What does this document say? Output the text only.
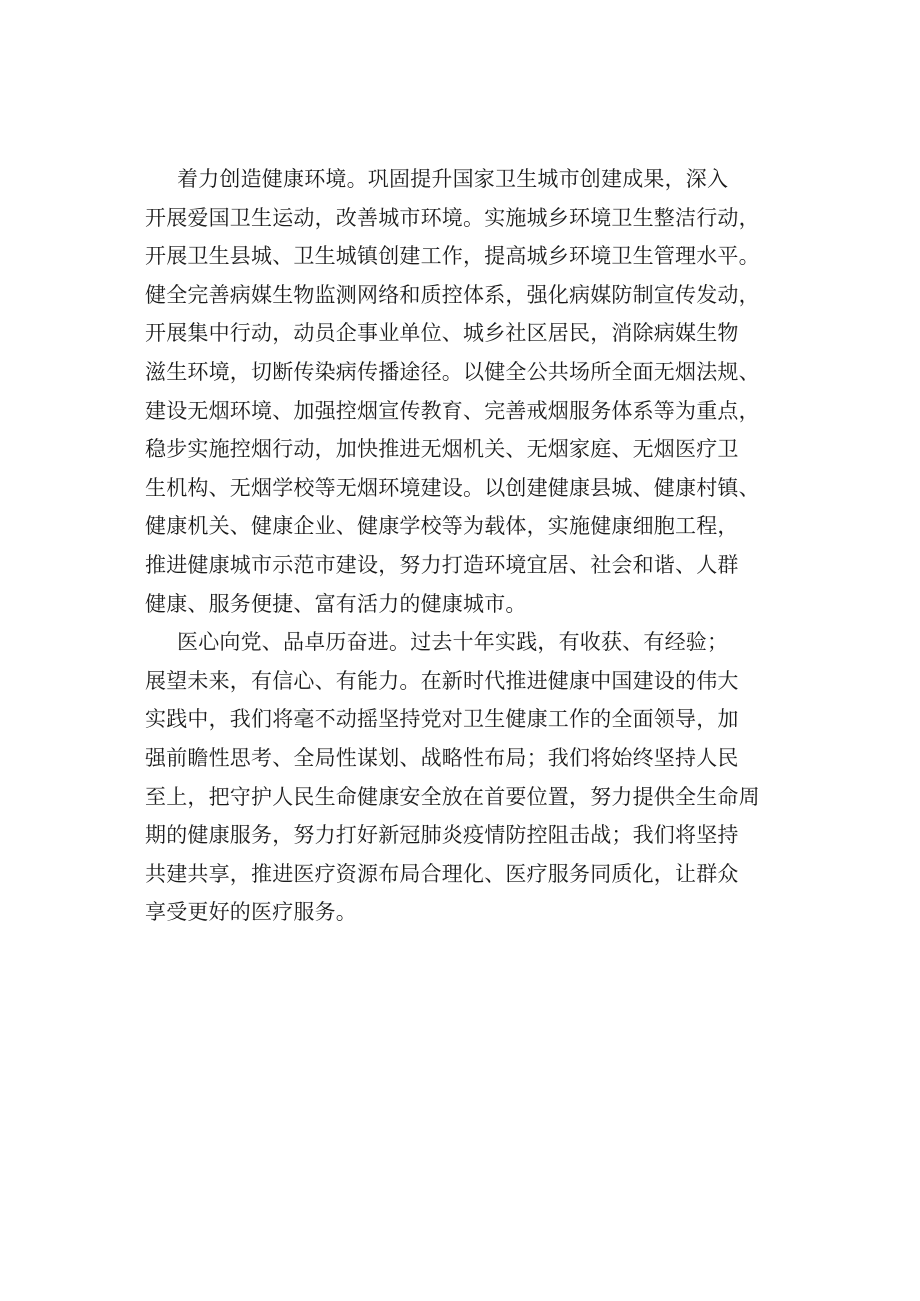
着力创造健康环境。巩固提升国家卫生城市创建成果，深入
开展爱国卫生运动，改善城市环境。实施城乡环境卫生整洁行动，
开展卫生县城、卫生城镇创建工作，提高城乡环境卫生管理水平。
健全完善病媒生物监测网络和质控体系，强化病媒防制宣传发动，
开展集中行动，动员企事业单位、城乡社区居民，消除病媒生物
滋生环境，切断传染病传播途径。以健全公共场所全面无烟法规、
建设无烟环境、加强控烟宣传教育、完善戒烟服务体系等为重点，
稳步实施控烟行动，加快推进无烟机关、无烟家庭、无烟医疗卫
生机构、无烟学校等无烟环境建设。以创建健康县城、健康村镇、
健康机关、健康企业、健康学校等为载体，实施健康细胞工程，
推进健康城市示范市建设，努力打造环境宜居、社会和谐、人群
健康、服务便捷、富有活力的健康城市。
医心向党、品卓历奋进。过去十年实践，有收获、有经验；
展望未来，有信心、有能力。在新时代推进健康中国建设的伟大
实践中，我们将毫不动摇坚持党对卫生健康工作的全面领导，加
强前瞻性思考、全局性谋划、战略性布局；我们将始终坚持人民
至上，把守护人民生命健康安全放在首要位置，努力提供全生命周
期的健康服务，努力打好新冠肺炎疫情防控阻击战；我们将坚持
共建共享，推进医疗资源布局合理化、医疗服务同质化，让群众
享受更好的医疗服务。
